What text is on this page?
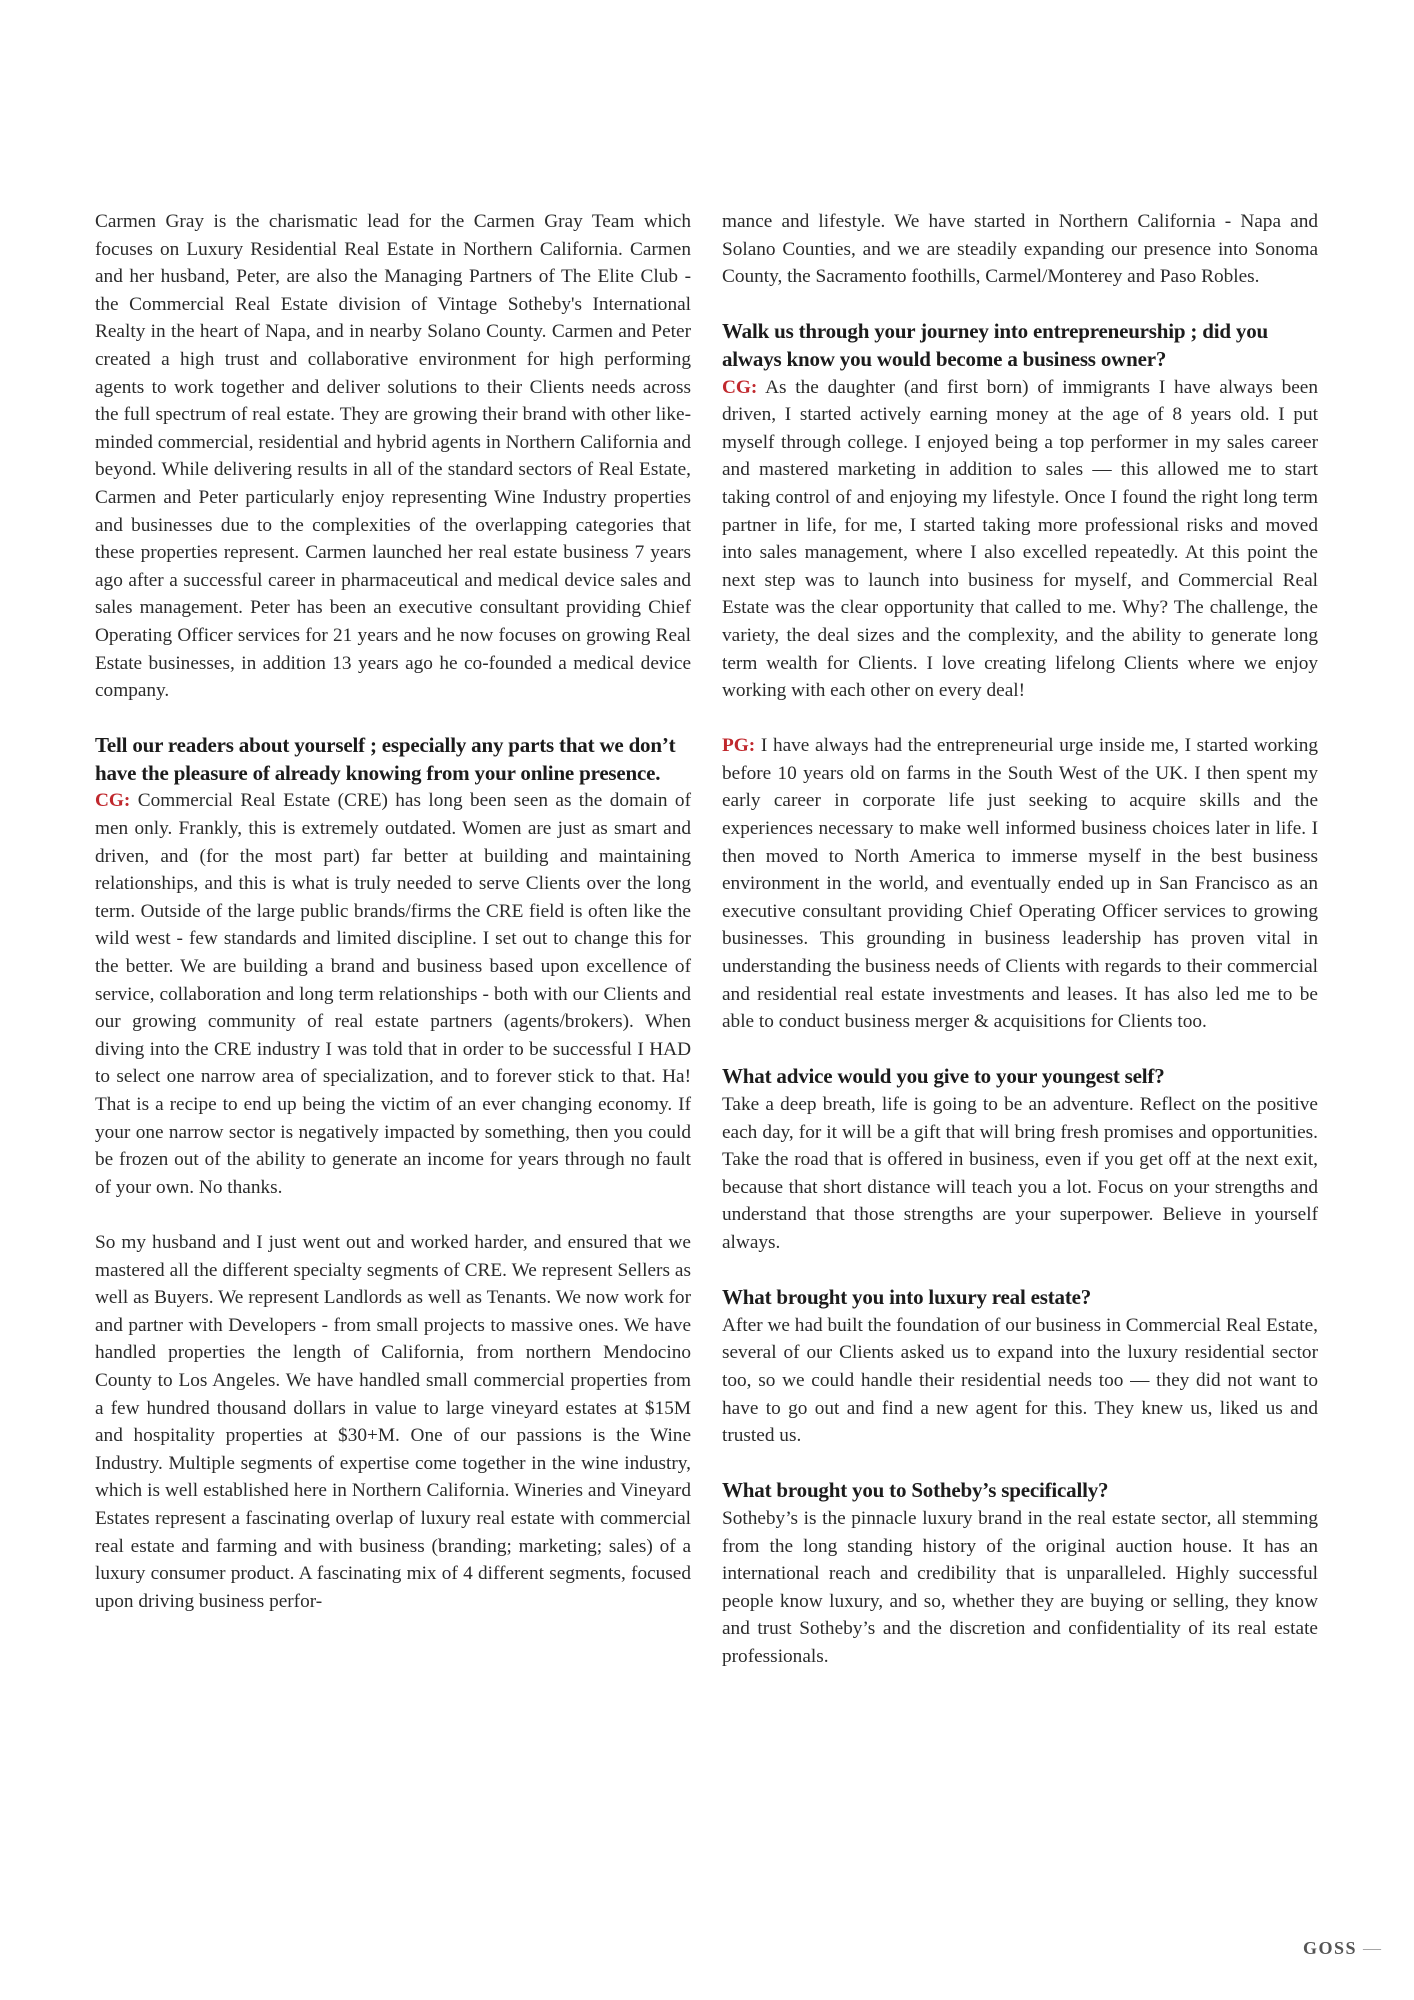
Carmen Gray is the charismatic lead for the Carmen Gray Team which focuses on Luxury Residential Real Estate in Northern California. Carmen and her husband, Peter, are also the Managing Partners of The Elite Club - the Commercial Real Estate division of Vintage Sotheby's International Realty in the heart of Napa, and in nearby Solano County. Carmen and Peter created a high trust and collaborative environment for high performing agents to work together and deliver solutions to their Clients needs across the full spectrum of real estate. They are growing their brand with other like-minded commercial, residential and hybrid agents in Northern California and beyond. While delivering results in all of the standard sectors of Real Estate, Carmen and Peter particularly enjoy representing Wine Industry properties and businesses due to the complexities of the overlapping categories that these properties represent. Carmen launched her real estate business 7 years ago after a successful career in pharmaceutical and medical device sales and sales management. Peter has been an executive consultant providing Chief Operating Officer services for 21 years and he now focuses on growing Real Estate businesses, in addition 13 years ago he co-founded a medical device company.

Tell our readers about yourself ; especially any parts that we don’t have the pleasure of already knowing from your online presence.

CG: Commercial Real Estate (CRE) has long been seen as the domain of men only. Frankly, this is extremely outdated. Women are just as smart and driven, and (for the most part) far better at building and maintaining relationships, and this is what is truly needed to serve Clients over the long term. Outside of the large public brands/firms the CRE field is often like the wild west - few standards and limited discipline. I set out to change this for the better. We are building a brand and business based upon excellence of service, collaboration and long term relationships - both with our Clients and our growing community of real estate partners (agents/brokers). When diving into the CRE industry I was told that in order to be successful I HAD to select one narrow area of specialization, and to forever stick to that. Ha! That is a recipe to end up being the victim of an ever changing economy. If your one narrow sector is negatively impacted by something, then you could be frozen out of the ability to generate an income for years through no fault of your own. No thanks.

So my husband and I just went out and worked harder, and ensured that we mastered all the different specialty segments of CRE. We represent Sellers as well as Buyers. We represent Landlords as well as Tenants. We now work for and partner with Developers - from small projects to massive ones. We have handled properties the length of California, from northern Mendocino County to Los Angeles. We have handled small commercial properties from a few hundred thousand dollars in value to large vineyard estates at $15M and hospitality properties at $30+M. One of our passions is the Wine Industry. Multiple segments of expertise come together in the wine industry, which is well established here in Northern California. Wineries and Vineyard Estates represent a fascinating overlap of luxury real estate with commercial real estate and farming and with business (branding; marketing; sales) of a luxury consumer product. A fascinating mix of 4 different segments, focused upon driving business perfor-

mance and lifestyle. We have started in Northern California - Napa and Solano Counties, and we are steadily expanding our presence into Sonoma County, the Sacramento foothills, Carmel/Monterey and Paso Robles.

Walk us through your journey into entrepreneurship ; did you always know you would become a business owner?

CG: As the daughter (and first born) of immigrants I have always been driven, I started actively earning money at the age of 8 years old. I put myself through college. I enjoyed being a top performer in my sales career and mastered marketing in addition to sales — this allowed me to start taking control of and enjoying my lifestyle. Once I found the right long term partner in life, for me, I started taking more professional risks and moved into sales management, where I also excelled repeatedly. At this point the next step was to launch into business for myself, and Commercial Real Estate was the clear opportunity that called to me. Why? The challenge, the variety, the deal sizes and the complexity, and the ability to generate long term wealth for Clients. I love creating lifelong Clients where we enjoy working with each other on every deal!

PG: I have always had the entrepreneurial urge inside me, I started working before 10 years old on farms in the South West of the UK. I then spent my early career in corporate life just seeking to acquire skills and the experiences necessary to make well informed business choices later in life. I then moved to North America to immerse myself in the best business environment in the world, and eventually ended up in San Francisco as an executive consultant providing Chief Operating Officer services to growing businesses. This grounding in business leadership has proven vital in understanding the business needs of Clients with regards to their commercial and residential real estate investments and leases. It has also led me to be able to conduct business merger & acquisitions for Clients too.

What advice would you give to your youngest self?

Take a deep breath, life is going to be an adventure. Reflect on the positive each day, for it will be a gift that will bring fresh promises and opportunities. Take the road that is offered in business, even if you get off at the next exit, because that short distance will teach you a lot. Focus on your strengths and understand that those strengths are your superpower. Believe in yourself always.

What brought you into luxury real estate?

After we had built the foundation of our business in Commercial Real Estate, several of our Clients asked us to expand into the luxury residential sector too, so we could handle their residential needs too — they did not want to have to go out and find a new agent for this. They knew us, liked us and trusted us.

What brought you to Sotheby’s specifically?

Sotheby’s is the pinnacle luxury brand in the real estate sector, all stemming from the long standing history of the original auction house. It has an international reach and credibility that is unparalleled. Highly successful people know luxury, and so, whether they are buying or selling, they know and trust Sotheby’s and the discretion and confidentiality of its real estate professionals.

GOSS —
